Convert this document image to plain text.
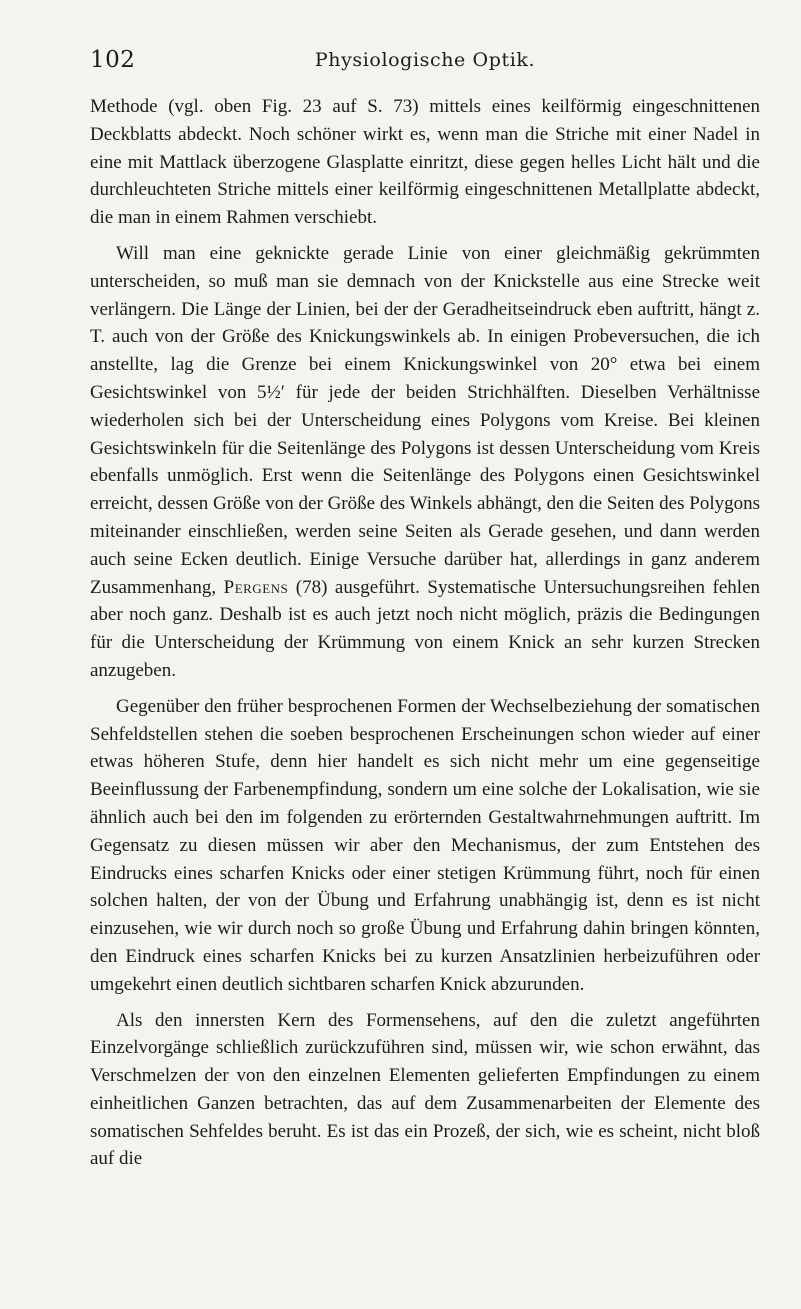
102	Physiologische Optik.

Methode (vgl. oben Fig. 23 auf S. 73) mittels eines keilförmig eingeschnittenen Deckblatts abdeckt. Noch schöner wirkt es, wenn man die Striche mit einer Nadel in eine mit Mattlack überzogene Glasplatte einritzt, diese gegen helles Licht hält und die durchleuchteten Striche mittels einer keilförmig eingeschnittenen Metallplatte abdeckt, die man in einem Rahmen verschiebt.

Will man eine geknickte gerade Linie von einer gleichmäßig gekrümmten unterscheiden, so muß man sie demnach von der Knickstelle aus eine Strecke weit verlängern. Die Länge der Linien, bei der der Geradheitseindruck eben auftritt, hängt z. T. auch von der Größe des Knickungswinkels ab. In einigen Probeversuchen, die ich anstellte, lag die Grenze bei einem Knickungswinkel von 20° etwa bei einem Gesichtswinkel von 5½′ für jede der beiden Strichhälften. Dieselben Verhältnisse wiederholen sich bei der Unterscheidung eines Polygons vom Kreise. Bei kleinen Gesichtswinkeln für die Seitenlänge des Polygons ist dessen Unterscheidung vom Kreis ebenfalls unmöglich. Erst wenn die Seitenlänge des Polygons einen Gesichtswinkel erreicht, dessen Größe von der Größe des Winkels abhängt, den die Seiten des Polygons miteinander einschließen, werden seine Seiten als Gerade gesehen, und dann werden auch seine Ecken deutlich. Einige Versuche darüber hat, allerdings in ganz anderem Zusammenhang, Pergens (78) ausgeführt. Systematische Untersuchungsreihen fehlen aber noch ganz. Deshalb ist es auch jetzt noch nicht möglich, präzis die Bedingungen für die Unterscheidung der Krümmung von einem Knick an sehr kurzen Strecken anzugeben.

Gegenüber den früher besprochenen Formen der Wechselbeziehung der somatischen Sehfeldstellen stehen die soeben besprochenen Erscheinungen schon wieder auf einer etwas höheren Stufe, denn hier handelt es sich nicht mehr um eine gegenseitige Beeinflussung der Farbenempfindung, sondern um eine solche der Lokalisation, wie sie ähnlich auch bei den im folgenden zu erörternden Gestaltwahrnehmungen auftritt. Im Gegensatz zu diesen müssen wir aber den Mechanismus, der zum Entstehen des Eindrucks eines scharfen Knicks oder einer stetigen Krümmung führt, noch für einen solchen halten, der von der Übung und Erfahrung unabhängig ist, denn es ist nicht einzusehen, wie wir durch noch so große Übung und Erfahrung dahin bringen könnten, den Eindruck eines scharfen Knicks bei zu kurzen Ansatzlinien herbeizuführen oder umgekehrt einen deutlich sichtbaren scharfen Knick abzurunden.

Als den innersten Kern des Formensehens, auf den die zuletzt angeführten Einzelvorgänge schließlich zurückzuführen sind, müssen wir, wie schon erwähnt, das Verschmelzen der von den einzelnen Elementen gelieferten Empfindungen zu einem einheitlichen Ganzen betrachten, das auf dem Zusammenarbeiten der Elemente des somatischen Sehfeldes beruht. Es ist das ein Prozeß, der sich, wie es scheint, nicht bloß auf die
